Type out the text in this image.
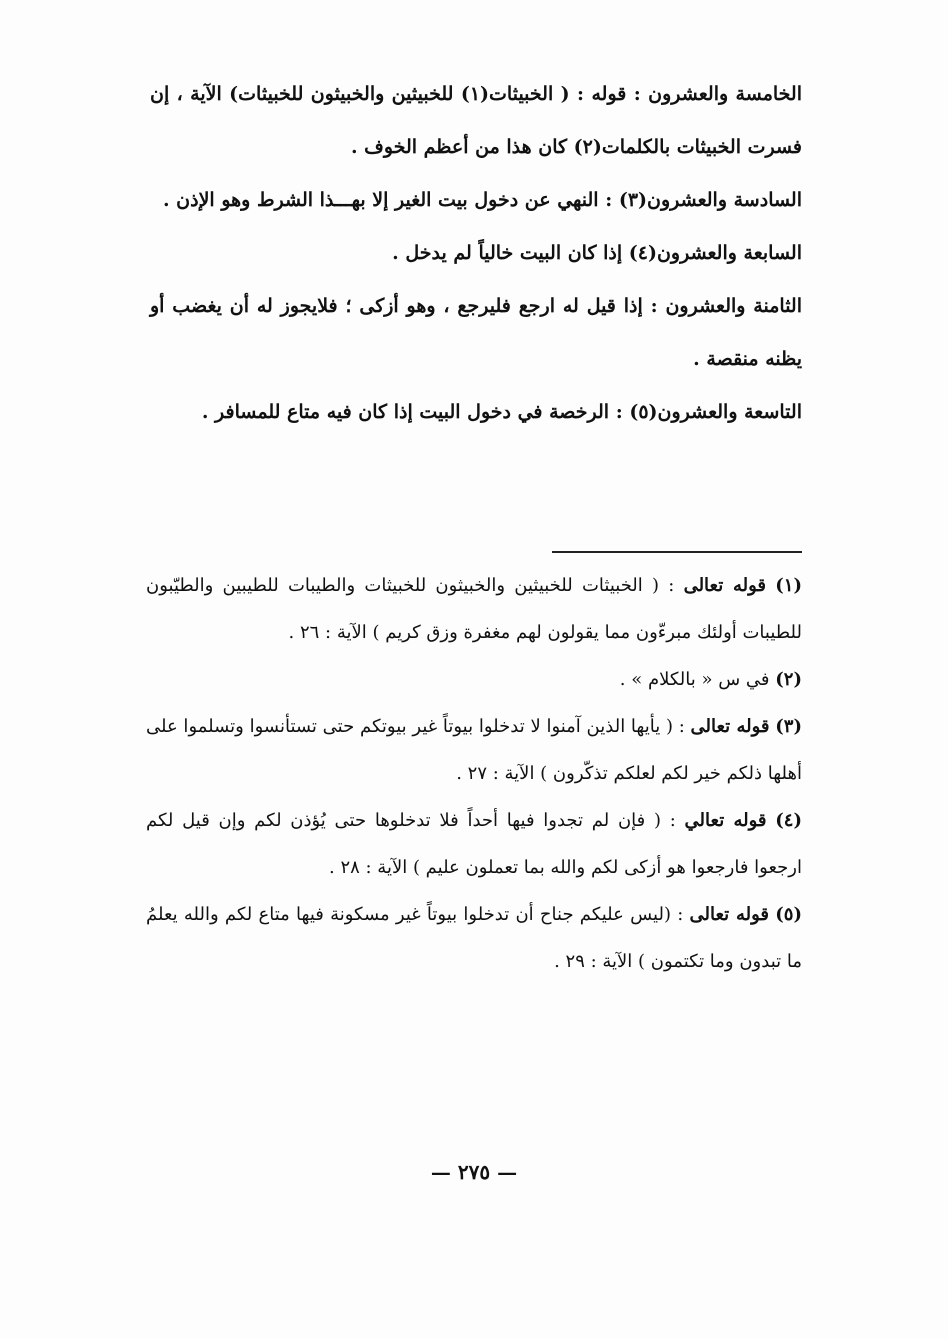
الخامسة والعشرون : قوله : ( الخبيثات(١) للخبيثين والخبيثون للخبيثات) الآية ، إن فسرت الخبيثات بالكلمات(٢) كان هذا من أعظم الخوف .

السادسة والعشرون(٣) : النهي عن دخول بيت الغير إلا بهـــذا الشرط وهو الإذن .

السابعة والعشرون(٤) إذا كان البيت خالياً لم يدخل .

الثامنة والعشرون : إذا قيل له ارجع فليرجع ، وهو أزكى ؛ فلايجوز له أن يغضب أو يظنه منقصة .

التاسعة والعشرون(٥) : الرخصة في دخول البيت إذا كان فيه متاع للمسافر .

(١) قوله تعالى : ( الخبيثات للخبيثين والخبيثون للخبيثات والطيبات للطيبين والطيّبون للطيبات أولئك مبرءّون مما يقولون لهم مغفرة وزق كريم ) الآية : ٢٦ .

(٢) في س « بالكلام » .

(٣) قوله تعالى : ( يأيها الذين آمنوا لا تدخلوا بيوتاً غير بيوتكم حتى تستأنسوا وتسلموا على أهلها ذلكم خير لكم لعلكم تذكّرون ) الآية : ٢٧ .

(٤) قوله تعالي : ( فإن لم تجدوا فيها أحداً فلا تدخلوها حتى يُؤذن لكم وإن قيل لكم ارجعوا فارجعوا هو أزكى لكم والله بما تعملون عليم ) الآية : ٢٨ .

(٥) قوله تعالى : (ليس عليكم جناح أن تدخلوا بيوتاً غير مسكونة فيها متاع لكم والله يعلمُ ما تبدون وما تكتمون ) الآية : ٢٩ .

— ٢٧٥ —
